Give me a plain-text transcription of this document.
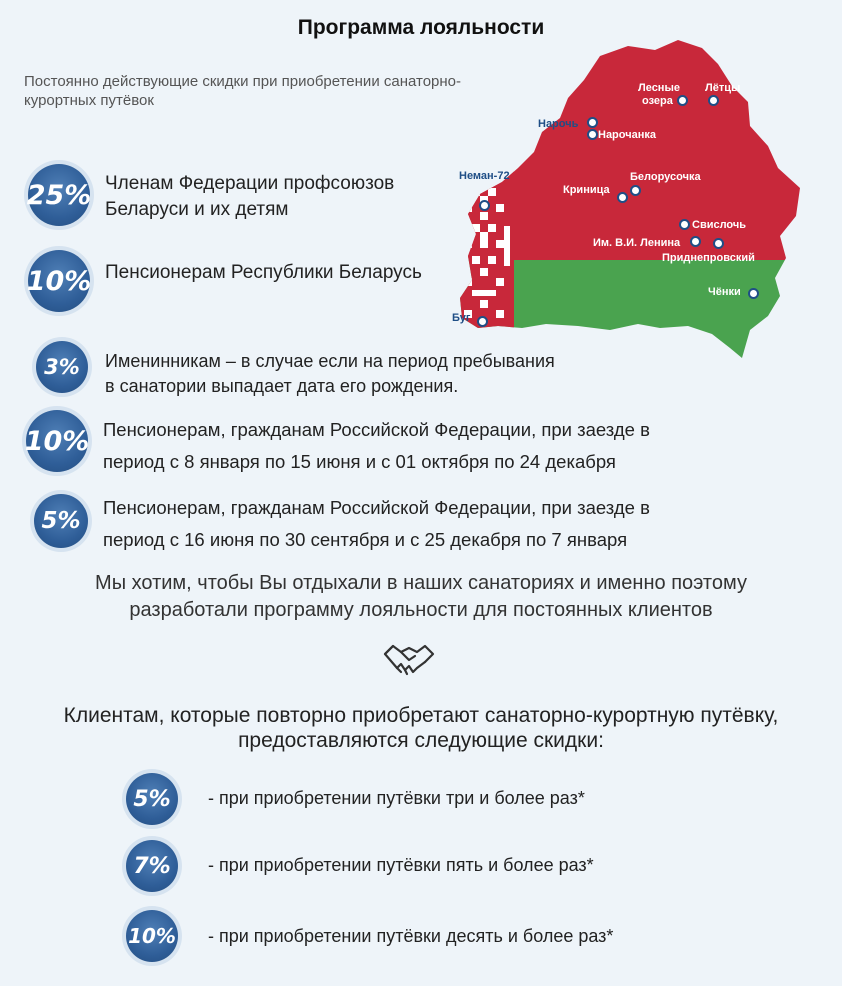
Программа лояльности
Постоянно действующие скидки при приобретении санаторно-курортных путёвок
Лесные
озера
Лётцы
Нарочь
Нарочанка
Неман-72	Белорусочка
Криница
Свислочь
Им. В.И. Ленина
Приднепровский
Чёнки
Буг
25% Членам Федерации профсоюзов
Беларуси и их детям
10% Пенсионерам Республики Беларусь
3%	Именинникам – в случае если на период пребывания
в санатории выпадает дата его рождения.
10% Пенсионерам, гражданам Российской Федерации, при заезде в
период с 8 января по 15 июня и с 01 октября по 24 декабря
5%
Пенсионерам, гражданам Российской Федерации, при заезде в
период с 16 июня по 30 сентября и с 25 декабря по 7 января
Мы хотим, чтобы Вы отдыхали в наших санаториях и именно поэтому
разработали программу лояльности для постоянных клиентов
Клиентам, которые повторно приобретают санаторно-курортную путёвку,
предоставляются следующие скидки:
5%	- при приобретении путёвки три и более раз*
7%	- при приобретении путёвки пять и более раз*
10% - при приобретении путёвки десять и более раз*
